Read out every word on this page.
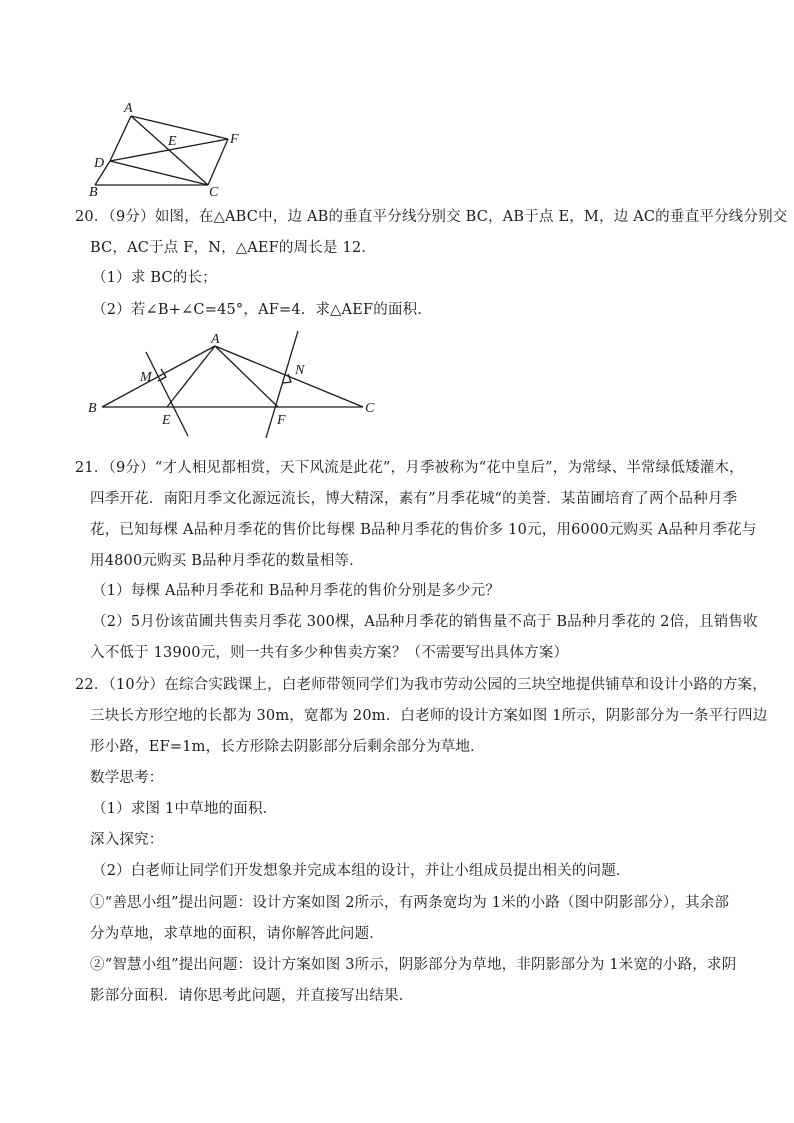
A
E	F
D
B	C
A
M	N
B
E	F
C
20．（9分）如图，在△ABC中，边 AB的垂直平分线分别交 BC，AB于点 E，M，边 AC的垂直平分线分别交
BC，AC于点 F，N，△AEF的周长是 12．
（1）求 BC的长；
（2）若∠B+∠C=45°，AF=4．求△AEF的面积．
21．（9分）“才人相见都相赏，天下风流是此花”，月季被称为“花中皇后”，为常绿、半常绿低矮灌木，
四季开花．南阳月季文化源远流长，博大精深，素有”月季花城“的美誉．某苗圃培育了两个品种月季
花，已知每棵 A品种月季花的售价比每棵 B品种月季花的售价多 10元，用6000元购买 A品种月季花与
用4800元购买 B品种月季花的数量相等．
（1）每棵 A品种月季花和 B品种月季花的售价分别是多少元？
（2）5月份该苗圃共售卖月季花 300棵，A品种月季花的销售量不高于 B品种月季花的 2倍，且销售收
入不低于 13900元，则一共有多少种售卖方案？（不需要写出具体方案）
22．（10分）在综合实践课上，白老师带领同学们为我市劳动公园的三块空地提供铺草和设计小路的方案，
三块长方形空地的长都为 30m，宽都为 20m．白老师的设计方案如图 1所示，阴影部分为一条平行四边
形小路，EF=1m，长方形除去阴影部分后剩余部分为草地．
数学思考：
（1）求图 1中草地的面积．
深入探究：
（2）白老师让同学们开发想象并完成本组的设计，并让小组成员提出相关的问题．
①“善思小组”提出问题：设计方案如图 2所示，有两条宽均为 1米的小路（图中阴影部分），其余部
分为草地，求草地的面积，请你解答此问题．
②“智慧小组”提出问题：设计方案如图 3所示，阴影部分为草地，非阴影部分为 1米宽的小路，求阴
影部分面积．请你思考此问题，并直接写出结果．
